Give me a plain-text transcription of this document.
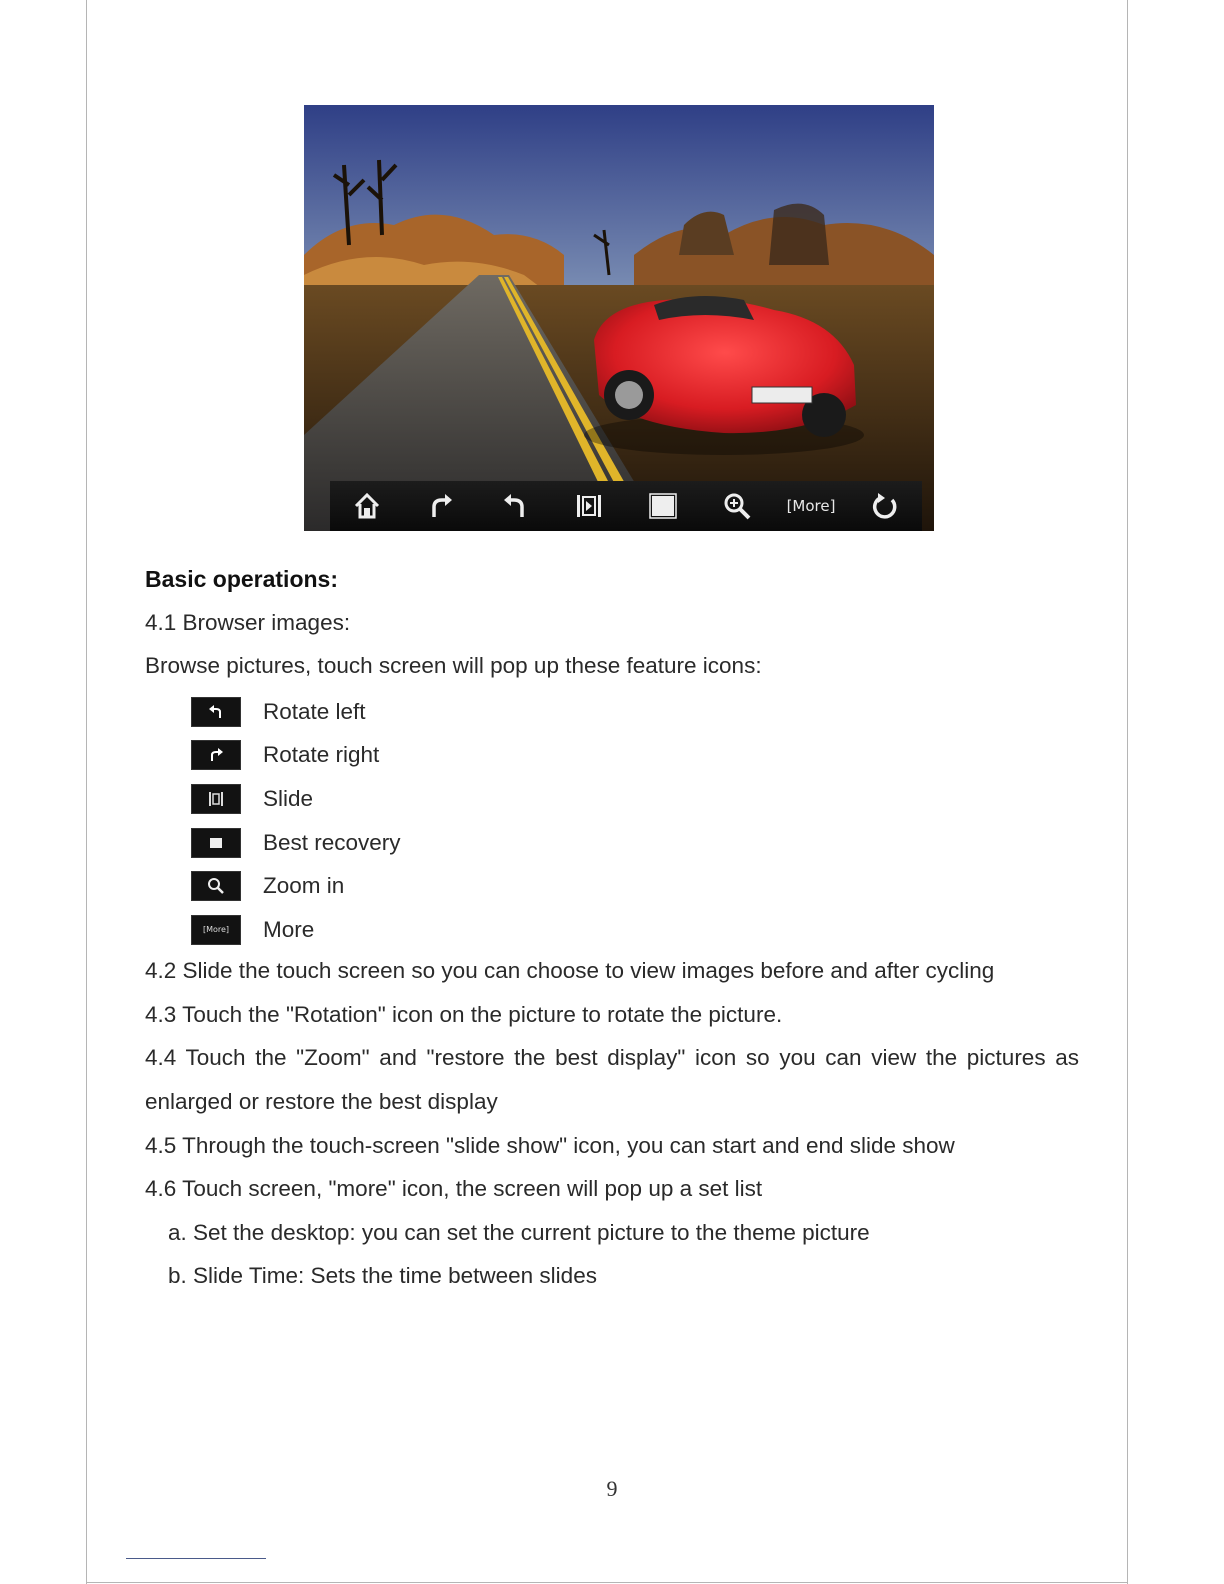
[More]
Basic operations:

4.1 Browser images:

Browse pictures, touch screen will pop up these feature icons:

Rotate left
Rotate right
Slide
Best recovery
Zoom in
[More] More

4.2 Slide the touch screen so you can choose to view images before and after cycling

4.3 Touch the "Rotation" icon on the picture to rotate the picture.

4.4 Touch the "Zoom" and "restore the best display" icon so you can view the pictures as

enlarged or restore the best display

4.5 Through the touch-screen "slide show" icon, you can start and end slide show

4.6 Touch screen, "more" icon, the screen will pop up a set list

a. Set the desktop: you can set the current picture to the theme picture

b. Slide Time: Sets the time between slides

9
